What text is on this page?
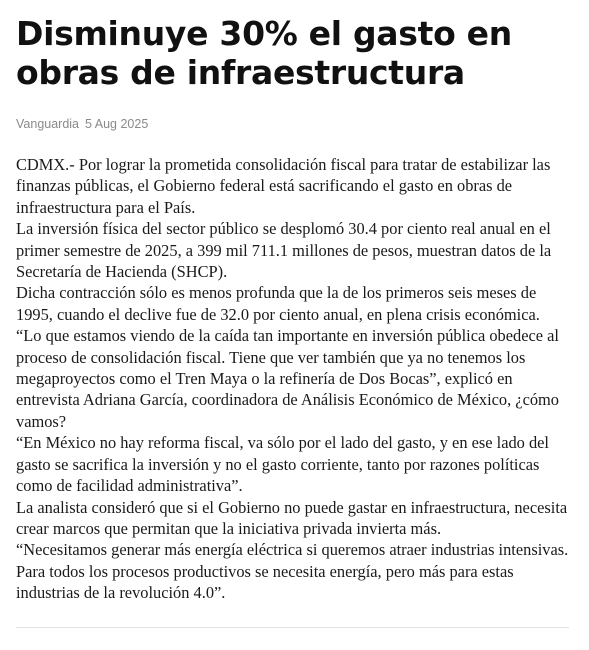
Disminuye 30% el gasto en obras de infraestructura
Vanguardia 5 Aug 2025

CDMX.- Por lograr la prometida consolidación fiscal para tratar de estabilizar las finanzas públicas, el Gobierno federal está sacrificando el gasto en obras de infraestructura para el País.

La inversión física del sector público se desplomó 30.4 por ciento real anual en el primer semestre de 2025, a 399 mil 711.1 millones de pesos, muestran datos de la Secretaría de Hacienda (SHCP).

Dicha contracción sólo es menos profunda que la de los primeros seis meses de 1995, cuando el declive fue de 32.0 por ciento anual, en plena crisis económica.

“Lo que estamos viendo de la caída tan importante en inversión pública obedece al proceso de consolidación fiscal. Tiene que ver también que ya no tenemos los megaproyectos como el Tren Maya o la refinería de Dos Bocas”, explicó en entrevista Adriana García, coordinadora de Análisis Económico de México, ¿cómo vamos?

“En México no hay reforma fiscal, va sólo por el lado del gasto, y en ese lado del gasto se sacrifica la inversión y no el gasto corriente, tanto por razones políticas como de facilidad administrativa”.

La analista consideró que si el Gobierno no puede gastar en infraestructura, necesita crear marcos que permitan que la iniciativa privada invierta más.

“Necesitamos generar más energía eléctrica si queremos atraer industrias intensivas. Para todos los procesos productivos se necesita energía, pero más para estas industrias de la revolución 4.0”.
